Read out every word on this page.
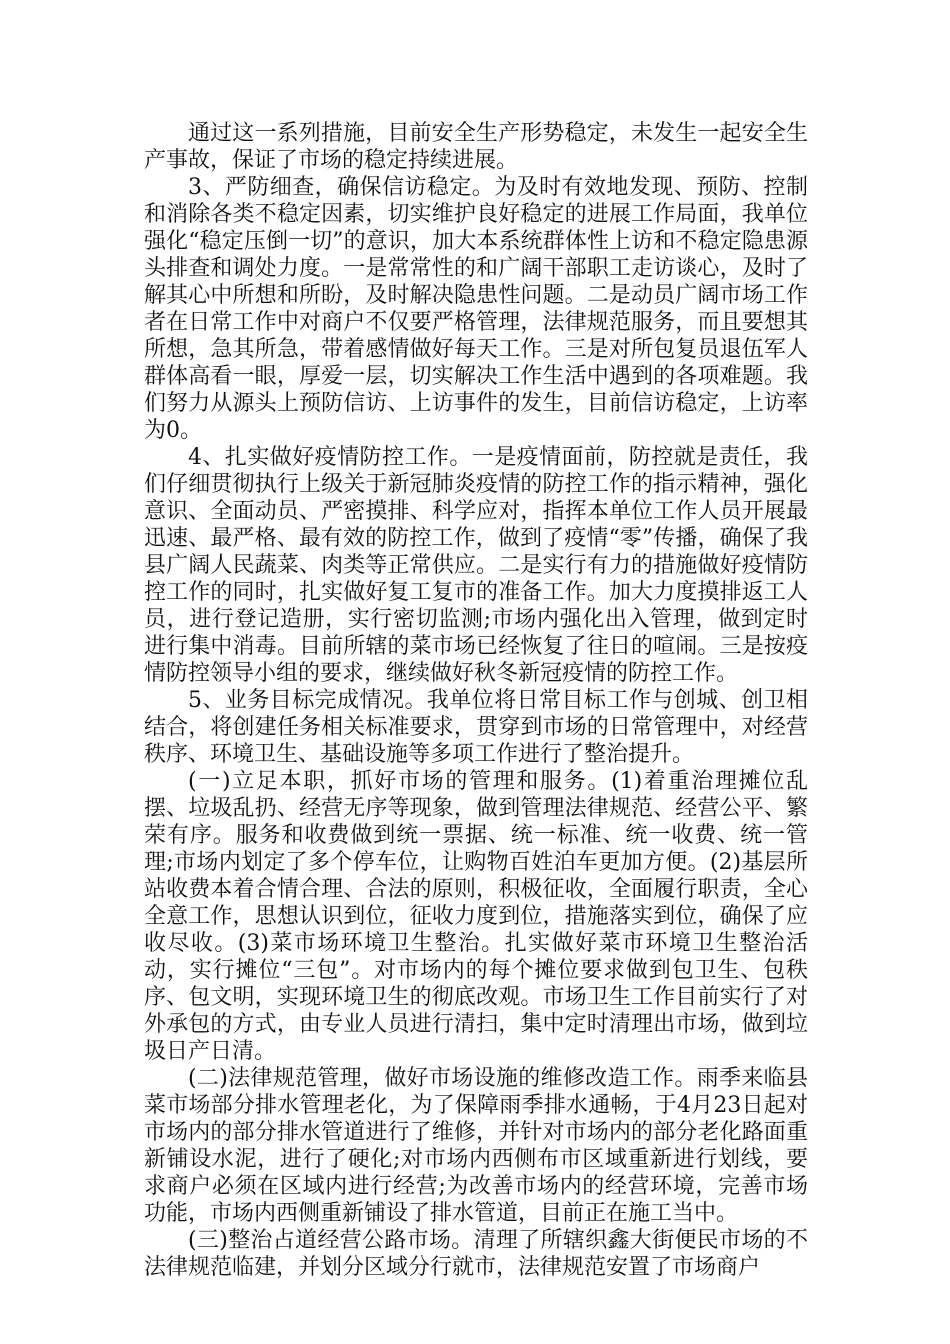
通过这一系列措施，目前安全生产形势稳定，未发生一起安全生产事故，保证了市场的稳定持续进展。

3、严防细查，确保信访稳定。为及时有效地发现、预防、控制和消除各类不稳定因素，切实维护良好稳定的进展工作局面，我单位强化“稳定压倒一切”的意识，加大本系统群体性上访和不稳定隐患源头排查和调处力度。一是常常性的和广阔干部职工走访谈心，及时了解其心中所想和所盼，及时解决隐患性问题。二是动员广阔市场工作者在日常工作中对商户不仅要严格管理，法律规范服务，而且要想其所想，急其所急，带着感情做好每天工作。三是对所包复员退伍军人群体高看一眼，厚爱一层，切实解决工作生活中遇到的各项难题。我们努力从源头上预防信访、上访事件的发生，目前信访稳定，上访率为0。

4、扎实做好疫情防控工作。一是疫情面前，防控就是责任，我们仔细贯彻执行上级关于新冠肺炎疫情的防控工作的指示精神，强化意识、全面动员、严密摸排、科学应对，指挥本单位工作人员开展最迅速、最严格、最有效的防控工作，做到了疫情“零”传播，确保了我县广阔人民蔬菜、肉类等正常供应。二是实行有力的措施做好疫情防控工作的同时，扎实做好复工复市的准备工作。加大力度摸排返工人员，进行登记造册，实行密切监测;市场内强化出入管理，做到定时进行集中消毒。目前所辖的菜市场已经恢复了往日的喧闹。三是按疫情防控领导小组的要求，继续做好秋冬新冠疫情的防控工作。

5、业务目标完成情况。我单位将日常目标工作与创城、创卫相结合，将创建任务相关标准要求，贯穿到市场的日常管理中，对经营秩序、环境卫生、基础设施等多项工作进行了整治提升。

(一)立足本职，抓好市场的管理和服务。(1)着重治理摊位乱摆、垃圾乱扔、经营无序等现象，做到管理法律规范、经营公平、繁荣有序。服务和收费做到统一票据、统一标准、统一收费、统一管理;市场内划定了多个停车位，让购物百姓泊车更加方便。(2)基层所站收费本着合情合理、合法的原则，积极征收，全面履行职责，全心全意工作，思想认识到位，征收力度到位，措施落实到位，确保了应收尽收。(3)菜市场环境卫生整治。扎实做好菜市环境卫生整治活动，实行摊位“三包”。对市场内的每个摊位要求做到包卫生、包秩序、包文明，实现环境卫生的彻底改观。市场卫生工作目前实行了对外承包的方式，由专业人员进行清扫，集中定时清理出市场，做到垃圾日产日清。

(二)法律规范管理，做好市场设施的维修改造工作。雨季来临县菜市场部分排水管理老化，为了保障雨季排水通畅，于4月23日起对市场内的部分排水管道进行了维修，并针对市场内的部分老化路面重新铺设水泥，进行了硬化;对市场内西侧布市区域重新进行划线，要求商户必须在区域内进行经营;为改善市场内的经营环境，完善市场功能，市场内西侧重新铺设了排水管道，目前正在施工当中。

(三)整治占道经营公路市场。清理了所辖织鑫大街便民市场的不法律规范临建，并划分区域分行就市，法律规范安置了市场商户
